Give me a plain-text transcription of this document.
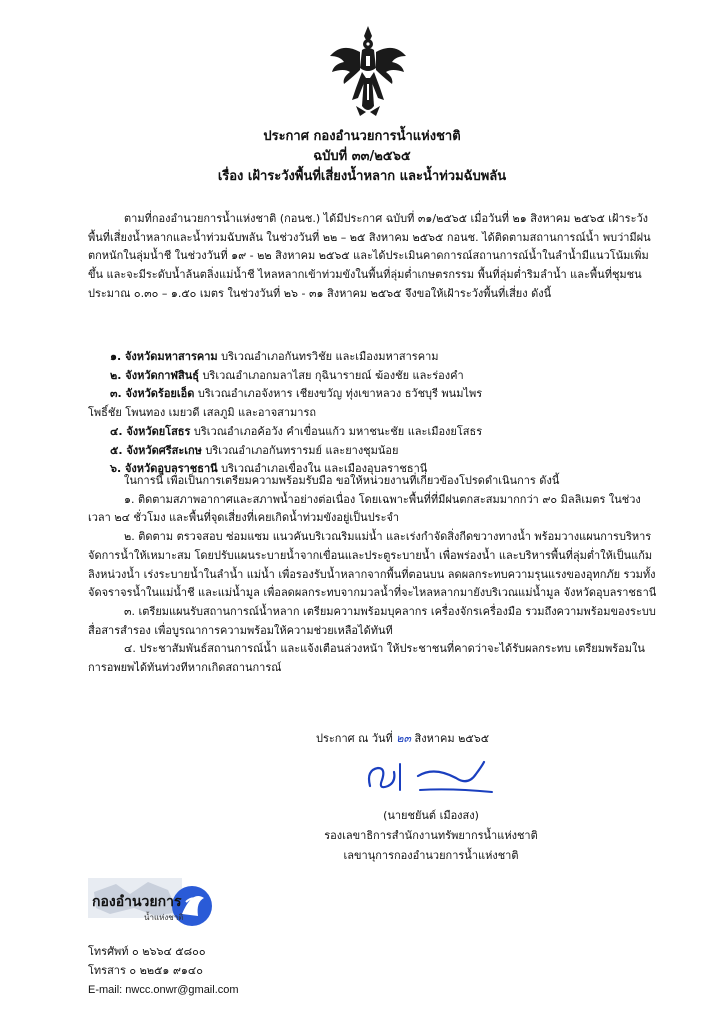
ประกาศ กองอำนวยการน้ำแห่งชาติ
ฉบับที่ ๓๓/๒๕๖๕
เรื่อง เฝ้าระวังพื้นที่เสี่ยงน้ำหลาก และน้ำท่วมฉับพลัน

ตามที่กองอำนวยการน้ำแห่งชาติ (กอนช.) ได้มีประกาศ ฉบับที่ ๓๑/๒๕๖๕ เมื่อวันที่ ๒๑ สิงหาคม ๒๕๖๕ เฝ้าระวังพื้นที่เสี่ยงน้ำหลากและน้ำท่วมฉับพลัน ในช่วงวันที่ ๒๒ – ๒๕ สิงหาคม ๒๕๖๕ กอนช. ได้ติดตามสถานการณ์น้ำ พบว่ามีฝนตกหนักในลุ่มน้ำชี ในช่วงวันที่ ๑๙ - ๒๒ สิงหาคม ๒๕๖๕ และได้ประเมินคาดการณ์สถานการณ์น้ำในลำน้ำมีแนวโน้มเพิ่มขึ้น และจะมีระดับน้ำล้นตลิ่งแม่น้ำชี ไหลหลากเข้าท่วมขังในพื้นที่ลุ่มต่ำเกษตรกรรม พื้นที่ลุ่มต่ำริมลำน้ำ และพื้นที่ชุมชน ประมาณ ๐.๓๐ – ๑.๕๐ เมตร ในช่วงวันที่ ๒๖ - ๓๑ สิงหาคม ๒๕๖๕ จึงขอให้เฝ้าระวังพื้นที่เสี่ยง ดังนี้

๑. จังหวัดมหาสารคาม บริเวณอำเภอกันทรวิชัย และเมืองมหาสารคาม

๒. จังหวัดกาฬสินธุ์ บริเวณอำเภอกมลาไสย กุฉินารายณ์ ฆ้องชัย และร่องคำ

๓. จังหวัดร้อยเอ็ด บริเวณอำเภอจังหาร เชียงขวัญ ทุ่งเขาหลวง ธวัชบุรี พนมไพร

โพธิ์ชัย โพนทอง เมยวดี เสลภูมิ และอาจสามารถ

๔. จังหวัดยโสธร บริเวณอำเภอค้อวัง คำเขื่อนแก้ว มหาชนะชัย และเมืองยโสธร

๕. จังหวัดศรีสะเกษ บริเวณอำเภอกันทรารมย์ และยางชุมน้อย

๖. จังหวัดอุบลราชธานี บริเวณอำเภอเขื่องใน และเมืองอุบลราชธานี

ในการนี้ เพื่อเป็นการเตรียมความพร้อมรับมือ ขอให้หน่วยงานที่เกี่ยวข้องโปรดดำเนินการ ดังนี้

๑. ติดตามสภาพอากาศและสภาพน้ำอย่างต่อเนื่อง โดยเฉพาะพื้นที่ที่มีฝนตกสะสมมากกว่า ๙๐ มิลลิเมตร ในช่วงเวลา ๒๔ ชั่วโมง และพื้นที่จุดเสี่ยงที่เคยเกิดน้ำท่วมขังอยู่เป็นประจำ

๒. ติดตาม ตรวจสอบ ซ่อมแซม แนวคันบริเวณริมแม่น้ำ และเร่งกำจัดสิ่งกีดขวางทางน้ำ พร้อมวางแผนการบริหารจัดการน้ำให้เหมาะสม โดยปรับแผนระบายน้ำจากเขื่อนและประตูระบายน้ำ เพื่อพร่องน้ำ และบริหารพื้นที่ลุ่มต่ำให้เป็นแก้มลิงหน่วงน้ำ เร่งระบายน้ำในลำน้ำ แม่น้ำ เพื่อรองรับน้ำหลากจากพื้นที่ตอนบน ลดผลกระทบความรุนแรงของอุทกภัย รวมทั้งจัดจราจรน้ำในแม่น้ำชี และแม่น้ำมูล เพื่อลดผลกระทบจากมวลน้ำที่จะไหลหลากมายังบริเวณแม่น้ำมูล จังหวัดอุบลราชธานี

๓. เตรียมแผนรับสถานการณ์น้ำหลาก เตรียมความพร้อมบุคลากร เครื่องจักรเครื่องมือ รวมถึงความพร้อมของระบบสื่อสารสำรอง เพื่อบูรณาการความพร้อมให้ความช่วยเหลือได้ทันที

๔. ประชาสัมพันธ์สถานการณ์น้ำ และแจ้งเตือนล่วงหน้า ให้ประชาชนที่คาดว่าจะได้รับผลกระทบ เตรียมพร้อมในการอพยพได้ทันท่วงทีหากเกิดสถานการณ์

ประกาศ ณ วันที่ ๒๓ สิงหาคม ๒๕๖๕
(นายชยันต์ เมืองสง)
รองเลขาธิการสำนักงานทรัพยากรน้ำแห่งชาติ
เลขานุการกองอำนวยการน้ำแห่งชาติ
กองอำนวยการ
น้ำแห่งชาติ
โทรศัพท์ ๐ ๒๖๖๔ ๕๘๐๐
โทรสาร ๐ ๒๒๕๑ ๙๑๔๐
E-mail: nwcc.onwr@gmail.com
